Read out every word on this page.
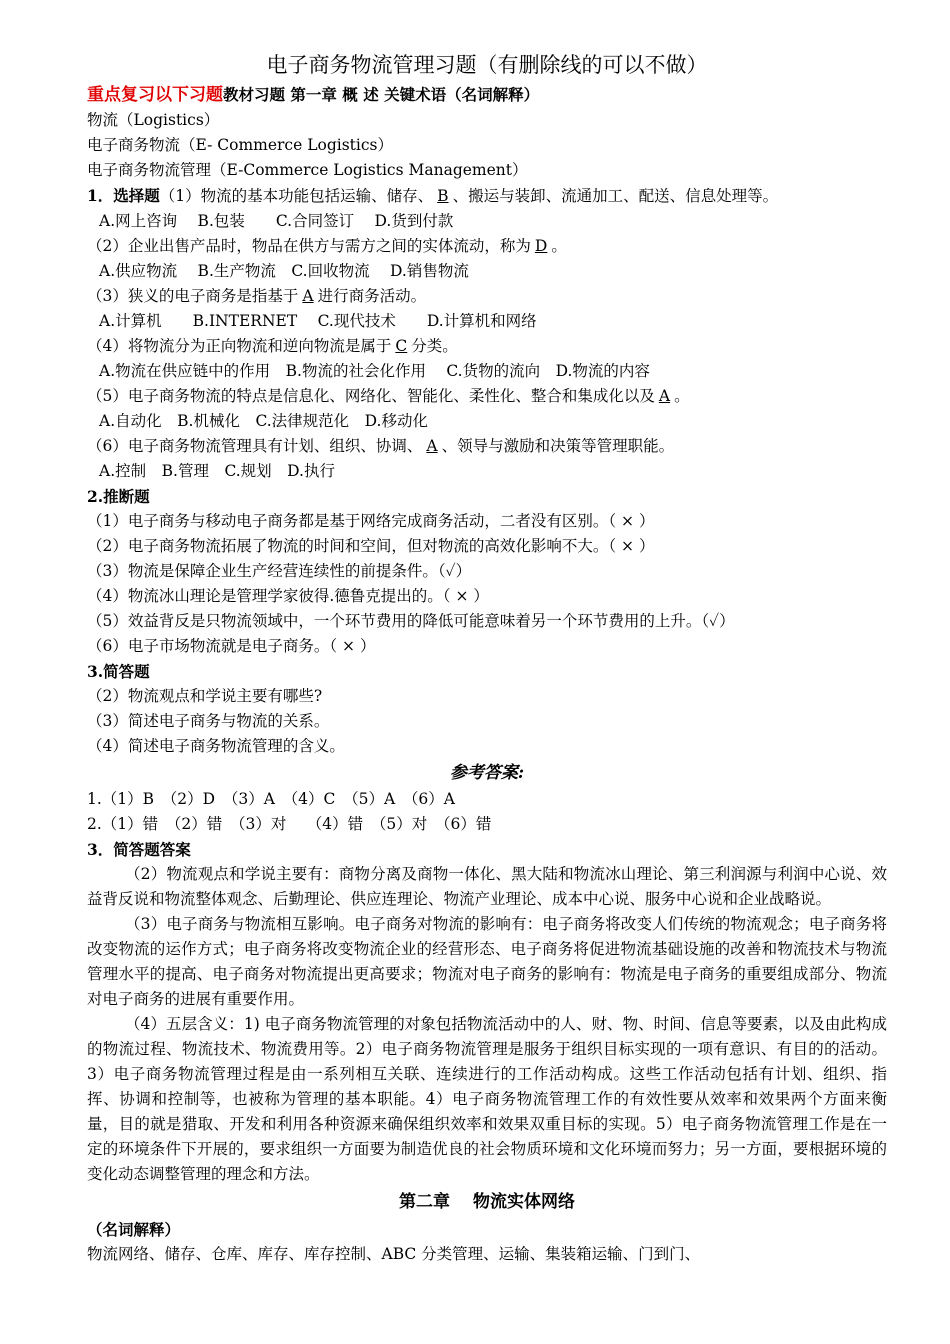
电子商务物流管理习题（有删除线的可以不做）
重点复习以下习题教材习题 第一章 概 述 关键术语（名词解释）
物流（Logistics）
电子商务物流（E- Commerce Logistics）
电子商务物流管理（E-Commerce Logistics Management）
1．选择题（1）物流的基本功能包括运输、储存、 B 、搬运与装卸、流通加工、配送、信息处理等。
A.网上咨询　 B.包装　　C.合同签订　 D.货到付款
（2）企业出售产品时，物品在供方与需方之间的实体流动，称为 D 。
A.供应物流　 B.生产物流　C.回收物流　 D.销售物流
（3）狭义的电子商务是指基于 A 进行商务活动。
A.计算机　　B.INTERNET　 C.现代技术　　D.计算机和网络
（4）将物流分为正向物流和逆向物流是属于 C 分类。
A.物流在供应链中的作用　B.物流的社会化作用　 C.货物的流向　D.物流的内容
（5）电子商务物流的特点是信息化、网络化、智能化、柔性化、整合和集成化以及 A 。
A.自动化　B.机械化　C.法律规范化　D.移动化
（6）电子商务物流管理具有计划、组织、协调、 A 、领导与激励和决策等管理职能。
A.控制　B.管理　C.规划　D.执行
2.推断题
（1）电子商务与移动电子商务都是基于网络完成商务活动，二者没有区别。（ × ）
（2）电子商务物流拓展了物流的时间和空间，但对物流的高效化影响不大。（ × ）
（3）物流是保障企业生产经营连续性的前提条件。（✓）
（4）物流冰山理论是管理学家彼得.德鲁克提出的。（ × ）
（5）效益背反是只物流领域中，一个环节费用的降低可能意味着另一个环节费用的上升。（✓）
（6）电子市场物流就是电子商务。（ × ）
3.简答题
（2）物流观点和学说主要有哪些?
（3）简述电子商务与物流的关系。
（4）简述电子商务物流管理的含义。
参考答案:
1.（1）B　（2）D　（3）A　（4）C　（5）A　（6）A
2.（1）错　（2）错　（3）对　 （4）错　（5）对　（6）错
3．简答题答案
（2）物流观点和学说主要有：商物分离及商物一体化、黑大陆和物流冰山理论、第三利润源与利润中心说、效益背反说和物流整体观念、后勤理论、供应连理论、物流产业理论、成本中心说、服务中心说和企业战略说。
（3）电子商务与物流相互影响。电子商务对物流的影响有：电子商务将改变人们传统的物流观念；电子商务将改变物流的运作方式；电子商务将改变物流企业的经营形态、电子商务将促进物流基础设施的改善和物流技术与物流管理水平的提高、电子商务对物流提出更高要求；物流对电子商务的影响有：物流是电子商务的重要组成部分、物流对电子商务的进展有重要作用。
（4）五层含义：1) 电子商务物流管理的对象包括物流活动中的人、财、物、时间、信息等要素，以及由此构成的物流过程、物流技术、物流费用等。2）电子商务物流管理是服务于组织目标实现的一项有意识、有目的的活动。3）电子商务物流管理过程是由一系列相互关联、连续进行的工作活动构成。这些工作活动包括有计划、组织、指挥、协调和控制等，也被称为管理的基本职能。4）电子商务物流管理工作的有效性要从效率和效果两个方面来衡量，目的就是猎取、开发和利用各种资源来确保组织效率和效果双重目标的实现。5）电子商务物流管理工作是在一定的环境条件下开展的，要求组织一方面要为制造优良的社会物质环境和文化环境而努力；另一方面，要根据环境的变化动态调整管理的理念和方法。
第二章　 物流实体网络
（名词解释）
物流网络、储存、仓库、库存、库存控制、ABC 分类管理、运输、集装箱运输、门到门、
